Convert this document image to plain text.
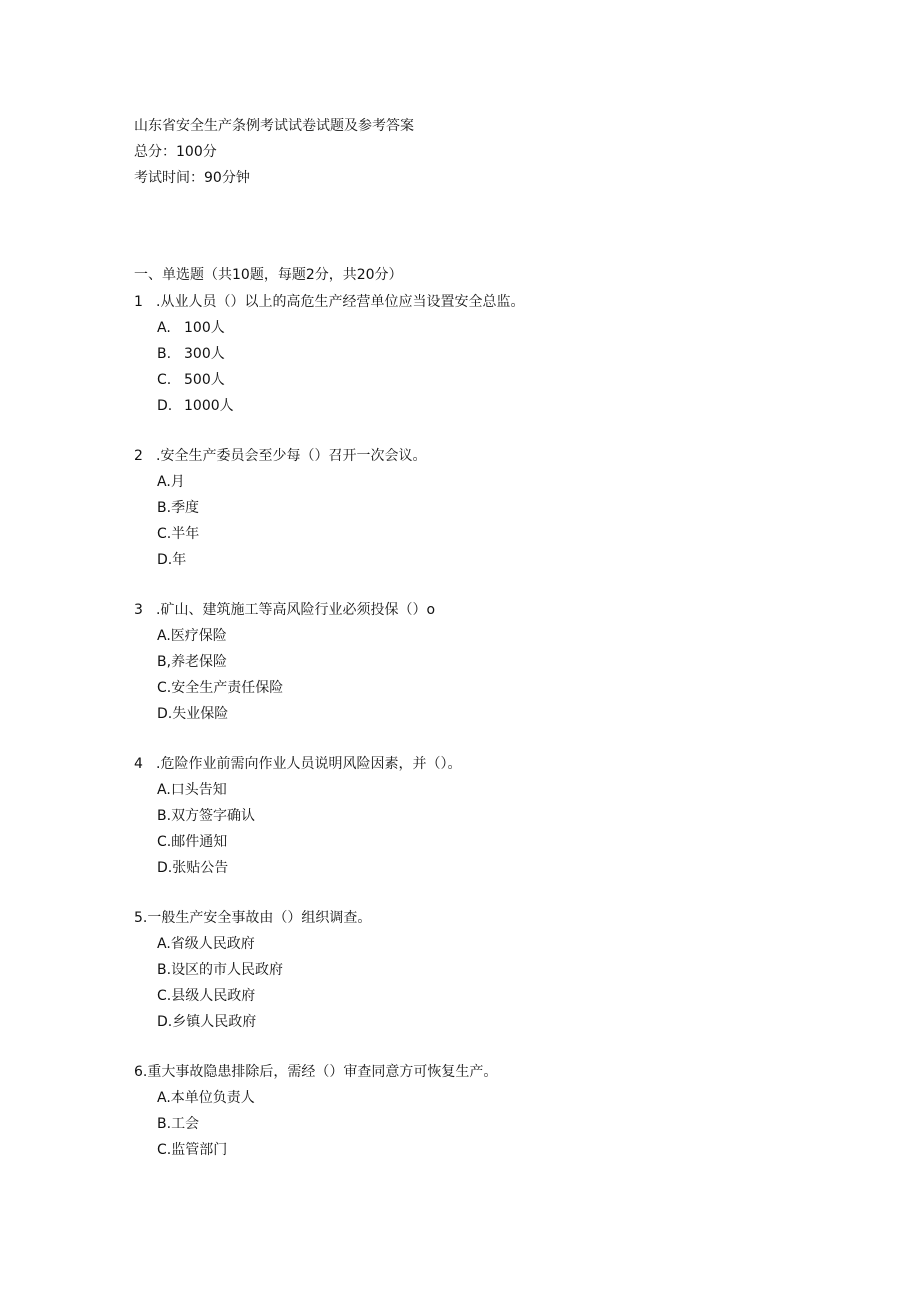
山东省安全生产条例考试试卷试题及参考答案
总分：100分
考试时间：90分钟
一、单选题（共10题，每题2分，共20分）
1 .从业人员（）以上的高危生产经营单位应当设置安全总监。
A. 100人
B. 300人
C. 500人
D. 1000人
2 .安全生产委员会至少每（）召开一次会议。
A.月
B.季度
C.半年
D.年
3 .矿山、建筑施工等高风险行业必须投保（）o
A.医疗保险
B,养老保险
C.安全生产责任保险
D.失业保险
4 .危险作业前需向作业人员说明风险因素，并（）。
A.口头告知
B.双方签字确认
C.邮件通知
D.张贴公告
5.一般生产安全事故由（）组织调查。
A.省级人民政府
B.设区的市人民政府
C.县级人民政府
D.乡镇人民政府
6.重大事故隐患排除后，需经（）审查同意方可恢复生产。
A.本单位负责人
B.工会
C.监管部门
